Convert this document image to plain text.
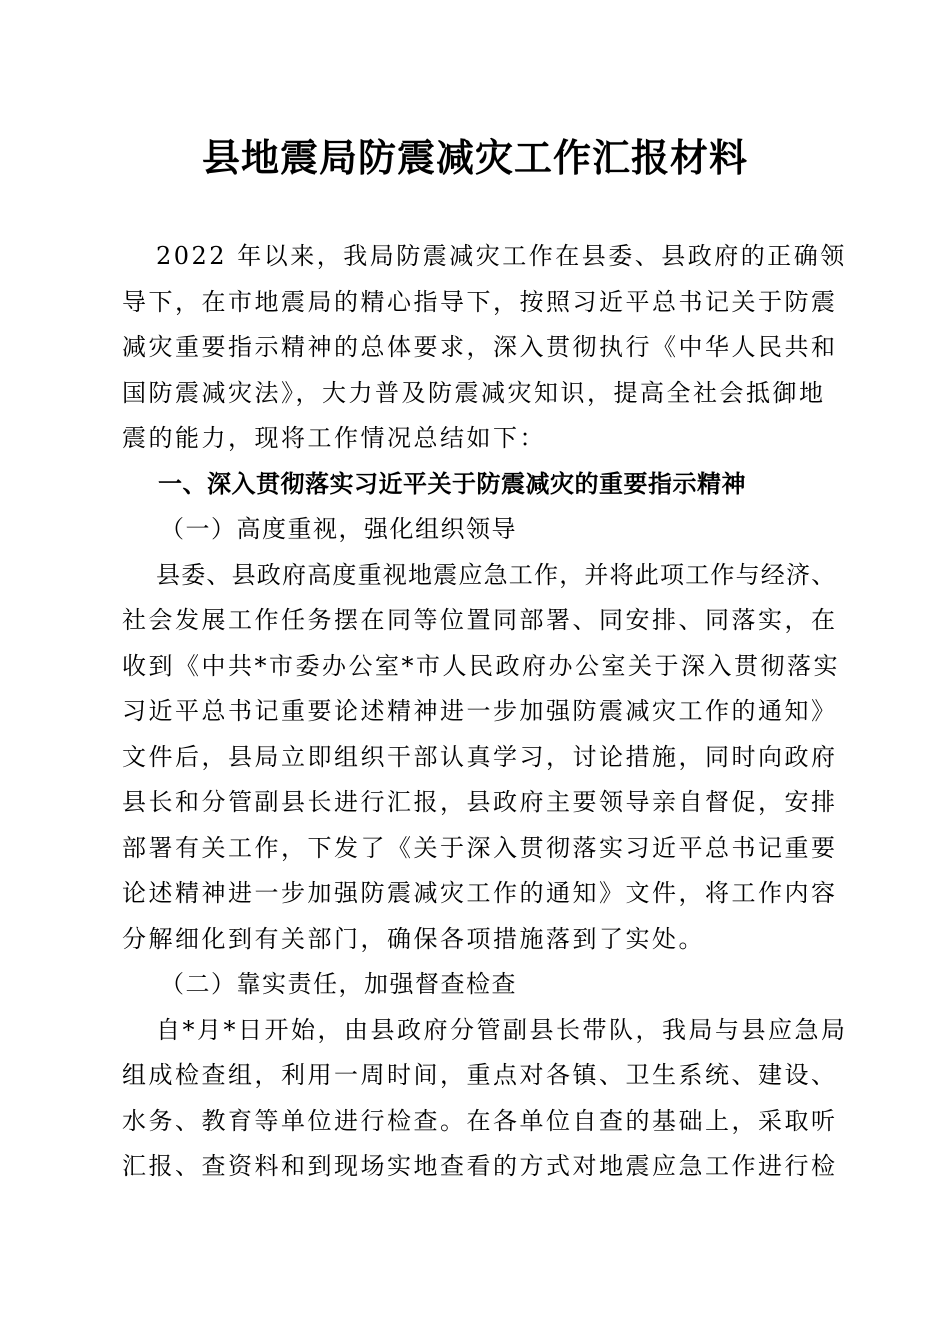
县地震局防震减灾工作汇报材料
2022 年以来，我局防震减灾工作在县委、县政府的正确领
导下，在市地震局的精心指导下，按照习近平总书记关于防震
减灾重要指示精神的总体要求，深入贯彻执行《中华人民共和
国防震减灾法》，大力普及防震减灾知识，提高全社会抵御地
震的能力，现将工作情况总结如下：
一、深入贯彻落实习近平关于防震减灾的重要指示精神
（一）高度重视，强化组织领导
县委、县政府高度重视地震应急工作，并将此项工作与经济、
社会发展工作任务摆在同等位置同部署、同安排、同落实，在
收到《中共*市委办公室*市人民政府办公室关于深入贯彻落实
习近平总书记重要论述精神进一步加强防震减灾工作的通知》
文件后，县局立即组织干部认真学习，讨论措施，同时向政府
县长和分管副县长进行汇报，县政府主要领导亲自督促，安排
部署有关工作，下发了《关于深入贯彻落实习近平总书记重要
论述精神进一步加强防震减灾工作的通知》文件，将工作内容
分解细化到有关部门，确保各项措施落到了实处。
（二）靠实责任，加强督查检查
自*月*日开始，由县政府分管副县长带队，我局与县应急局
组成检查组，利用一周时间，重点对各镇、卫生系统、建设、
水务、教育等单位进行检查。在各单位自查的基础上，采取听
汇报、查资料和到现场实地查看的方式对地震应急工作进行检
